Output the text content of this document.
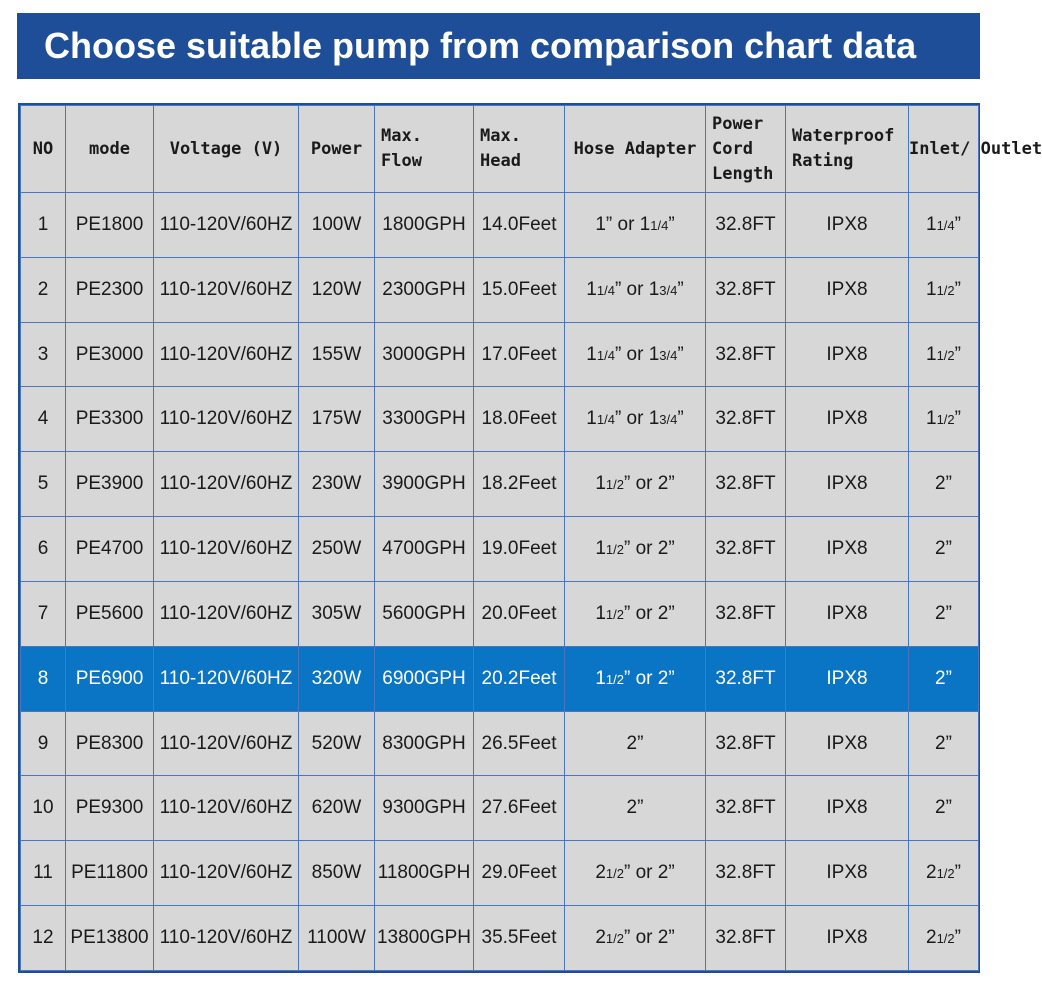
Choose suitable pump from comparison chart data
NO	mode	Voltage (V)	Power	Max. Flow	Max. Head	Hose Adapter	Power Cord Length	Waterproof Rating	Inlet/ Outlet
1	PE1800	110-120V/60HZ	100W	1800GPH	14.0Feet	1” or 11/4”	32.8FT	IPX8	11/4”
2	PE2300	110-120V/60HZ	120W	2300GPH	15.0Feet	11/4” or 13/4”	32.8FT	IPX8	11/2”
3	PE3000	110-120V/60HZ	155W	3000GPH	17.0Feet	11/4” or 13/4”	32.8FT	IPX8	11/2”
4	PE3300	110-120V/60HZ	175W	3300GPH	18.0Feet	11/4” or 13/4”	32.8FT	IPX8	11/2”
5	PE3900	110-120V/60HZ	230W	3900GPH	18.2Feet	11/2” or 2”	32.8FT	IPX8	2”
6	PE4700	110-120V/60HZ	250W	4700GPH	19.0Feet	11/2” or 2”	32.8FT	IPX8	2”
7	PE5600	110-120V/60HZ	305W	5600GPH	20.0Feet	11/2” or 2”	32.8FT	IPX8	2”
8	PE6900	110-120V/60HZ	320W	6900GPH	20.2Feet	11/2” or 2”	32.8FT	IPX8	2”
9	PE8300	110-120V/60HZ	520W	8300GPH	26.5Feet	2”	32.8FT	IPX8	2”
10	PE9300	110-120V/60HZ	620W	9300GPH	27.6Feet	2”	32.8FT	IPX8	2”
11	PE11800	110-120V/60HZ	850W	11800GPH	29.0Feet	21/2” or 2”	32.8FT	IPX8	21/2”
12	PE13800	110-120V/60HZ	1100W	13800GPH	35.5Feet	21/2” or 2”	32.8FT	IPX8	21/2”
